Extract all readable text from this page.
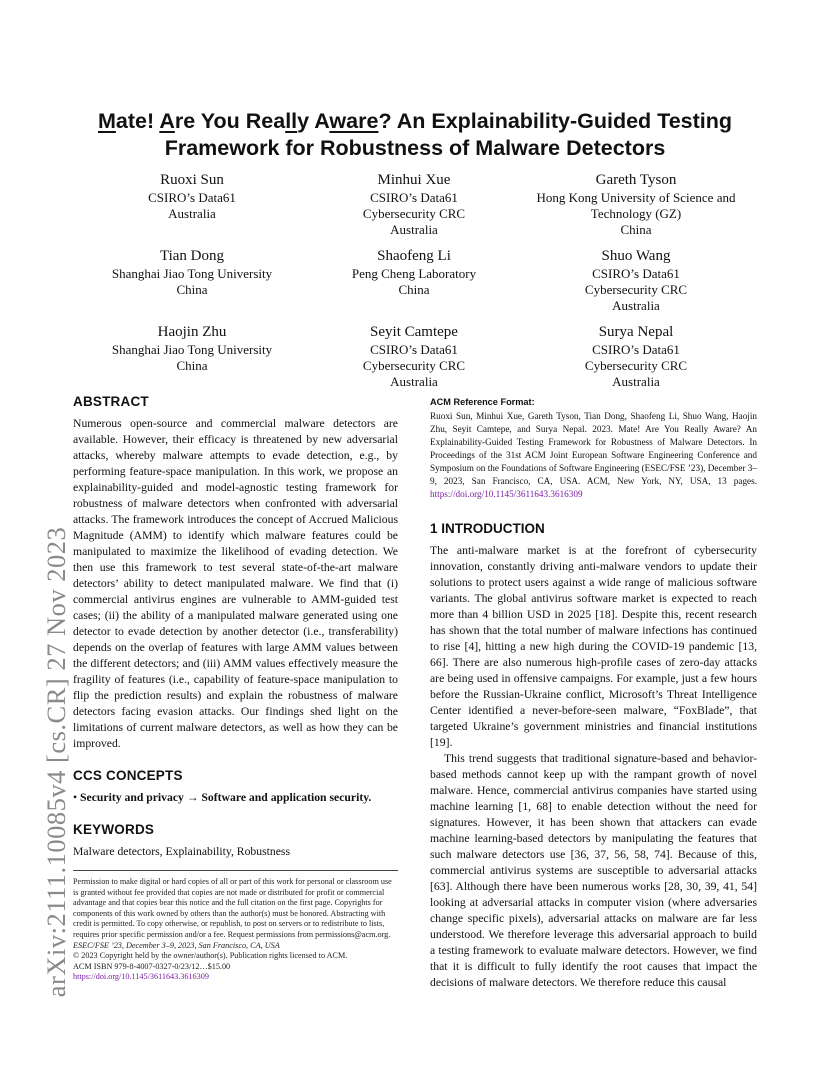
arXiv:2111.10085v4 [cs.CR] 27 Nov 2023
Mate! Are You Really Aware? An Explainability-Guided Testing
Framework for Robustness of Malware Detectors
Ruoxi Sun
CSIRO’s Data61
Australia
Minhui Xue
CSIRO’s Data61
Cybersecurity CRC
Australia
Gareth Tyson
Hong Kong University of Science and
Technology (GZ)
China
Tian Dong
Shanghai Jiao Tong University
China
Shaofeng Li
Peng Cheng Laboratory
China
Shuo Wang
CSIRO’s Data61
Cybersecurity CRC
Australia
Haojin Zhu
Shanghai Jiao Tong University
China
Seyit Camtepe
CSIRO’s Data61
Cybersecurity CRC
Australia
Surya Nepal
CSIRO’s Data61
Cybersecurity CRC
Australia
ABSTRACT

Numerous open-source and commercial malware detectors are available. However, their efficacy is threatened by new adversarial attacks, whereby malware attempts to evade detection, e.g., by performing feature-space manipulation. In this work, we propose an explainability-guided and model-agnostic testing framework for robustness of malware detectors when confronted with adversarial attacks. The framework introduces the concept of Accrued Malicious Magnitude (AMM) to identify which malware features could be manipulated to maximize the likelihood of evading detection. We then use this framework to test several state-of-the-art malware detectors’ ability to detect manipulated malware. We find that (i) commercial antivirus engines are vulnerable to AMM-guided test cases; (ii) the ability of a manipulated malware generated using one detector to evade detection by another detector (i.e., transferability) depends on the overlap of features with large AMM values between the different detectors; and (iii) AMM values effectively measure the fragility of features (i.e., capability of feature-space manipulation to flip the prediction results) and explain the robustness of malware detectors facing evasion attacks. Our findings shed light on the limitations of current malware detectors, as well as how they can be improved.

CCS CONCEPTS

• Security and privacy → Software and application security.

KEYWORDS

Malware detectors, Explainability, Robustness

Permission to make digital or hard copies of all or part of this work for personal or classroom use is granted without fee provided that copies are not made or distributed for profit or commercial advantage and that copies bear this notice and the full citation on the first page. Copyrights for components of this work owned by others than the author(s) must be honored. Abstracting with credit is permitted. To copy otherwise, or republish, to post on servers or to redistribute to lists, requires prior specific permission and/or a fee. Request permissions from permissions@acm.org.
ESEC/FSE ’23, December 3–9, 2023, San Francisco, CA, USA
© 2023 Copyright held by the owner/author(s). Publication rights licensed to ACM.
ACM ISBN 979-8-4007-0327-0/23/12…$15.00
https://doi.org/10.1145/3611643.3616309
ACM Reference Format:

Ruoxi Sun, Minhui Xue, Gareth Tyson, Tian Dong, Shaofeng Li, Shuo Wang, Haojin Zhu, Seyit Camtepe, and Surya Nepal. 2023. Mate! Are You Really Aware? An Explainability-Guided Testing Framework for Robustness of Malware Detectors. In Proceedings of the 31st ACM Joint European Software Engineering Conference and Symposium on the Foundations of Software Engineering (ESEC/FSE ’23), December 3–9, 2023, San Francisco, CA, USA. ACM, New York, NY, USA, 13 pages. https://doi.org/10.1145/3611643.3616309

1 INTRODUCTION

The anti-malware market is at the forefront of cybersecurity innovation, constantly driving anti-malware vendors to update their solutions to protect users against a wide range of malicious software variants. The global antivirus software market is expected to reach more than 4 billion USD in 2025 [18]. Despite this, recent research has shown that the total number of malware infections has continued to rise [4], hitting a new high during the COVID-19 pandemic [13, 66]. There are also numerous high-profile cases of zero-day attacks are being used in offensive campaigns. For example, just a few hours before the Russian-Ukraine conflict, Microsoft’s Threat Intelligence Center identified a never-before-seen malware, “FoxBlade”, that targeted Ukraine’s government ministries and financial institutions [19].

This trend suggests that traditional signature-based and behavior-based methods cannot keep up with the rampant growth of novel malware. Hence, commercial antivirus companies have started using machine learning [1, 68] to enable detection without the need for signatures. However, it has been shown that attackers can evade machine learning-based detectors by manipulating the features that such malware detectors use [36, 37, 56, 58, 74]. Because of this, commercial antivirus systems are susceptible to adversarial attacks [63]. Although there have been numerous works [28, 30, 39, 41, 54] looking at adversarial attacks in computer vision (where adversaries change specific pixels), adversarial attacks on malware are far less understood. We therefore leverage this adversarial approach to build a testing framework to evaluate malware detectors. However, we find that it is difficult to fully identify the root causes that impact the decisions of malware detectors. We therefore reduce this causal
